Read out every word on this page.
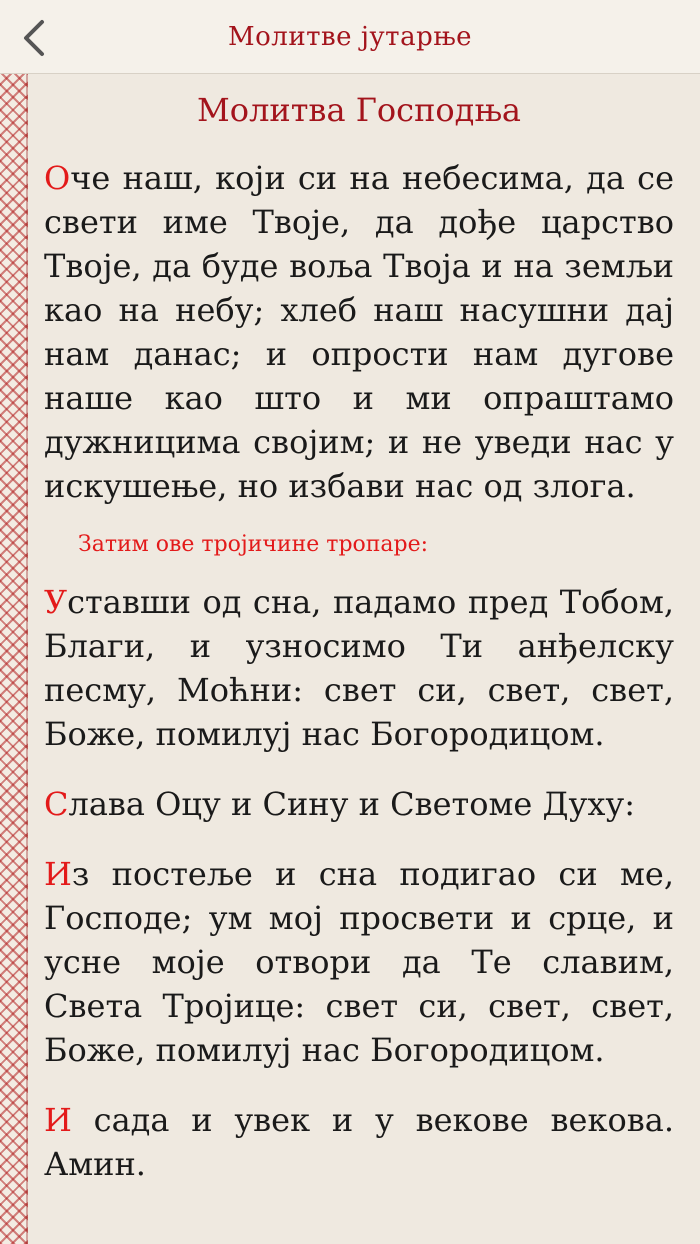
Молитве јутарње
Молитва Господња

Оче наш, који си на небесима, да се свети име Твоје, да дође царство Твоје, да буде воља Твоја и на земљи као на небу; хлеб наш насушни дај нам данас; и опрости нам дугове наше као што и ми опраштамо дужницима својим; и не уведи нас у искушење, но избави нас од злога.

Затим ове тројичине тропаре:

Уставши од сна, падамо пред Тобом, Благи, и узносимо Ти анђелску песму, Моћни: свет си, свет, свет, Боже, помилуј нас Богородицом.

Слава Оцу и Сину и Светоме Духу:

Из постеље и сна подигао си ме, Господе; ум мој просвети и срце, и усне моје отвори да Те славим, Света Тројице: свет си, свет, свет, Боже, помилуј нас Богородицом.

И сада и увек и у векове векова. Амин.
